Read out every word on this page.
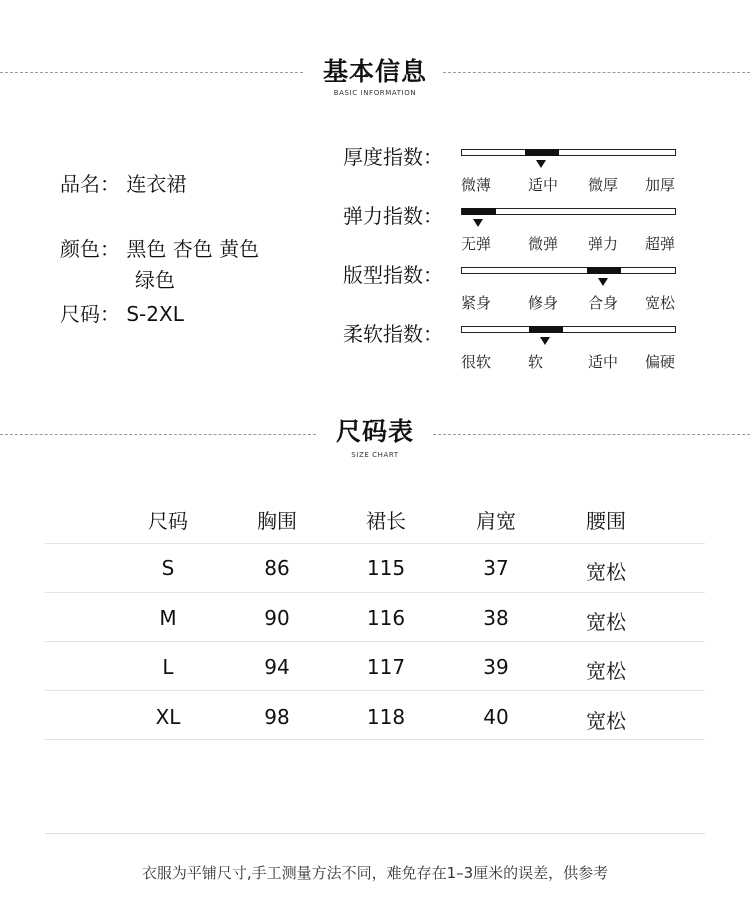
基本信息
BASIC INFORMATION
品名： 连衣裙
颜色： 黑色 杏色 黄色
绿色
尺码： S-2XL
厚度指数：
微薄 适中 微厚 加厚
弹力指数：
无弹 微弹 弹力 超弹
版型指数：
紧身 修身 合身 宽松
柔软指数：
很软 软	适中 偏硬
尺码表
SIZE CHART
尺码	胸围	裙长	肩宽	腰围
S	86	115	37	宽松
M	90	116	38	宽松
L	94	117	39	宽松
XL	98	118	40	宽松
衣服为平铺尺寸,手工测量方法不同，难免存在1–3厘米的误差，供参考
